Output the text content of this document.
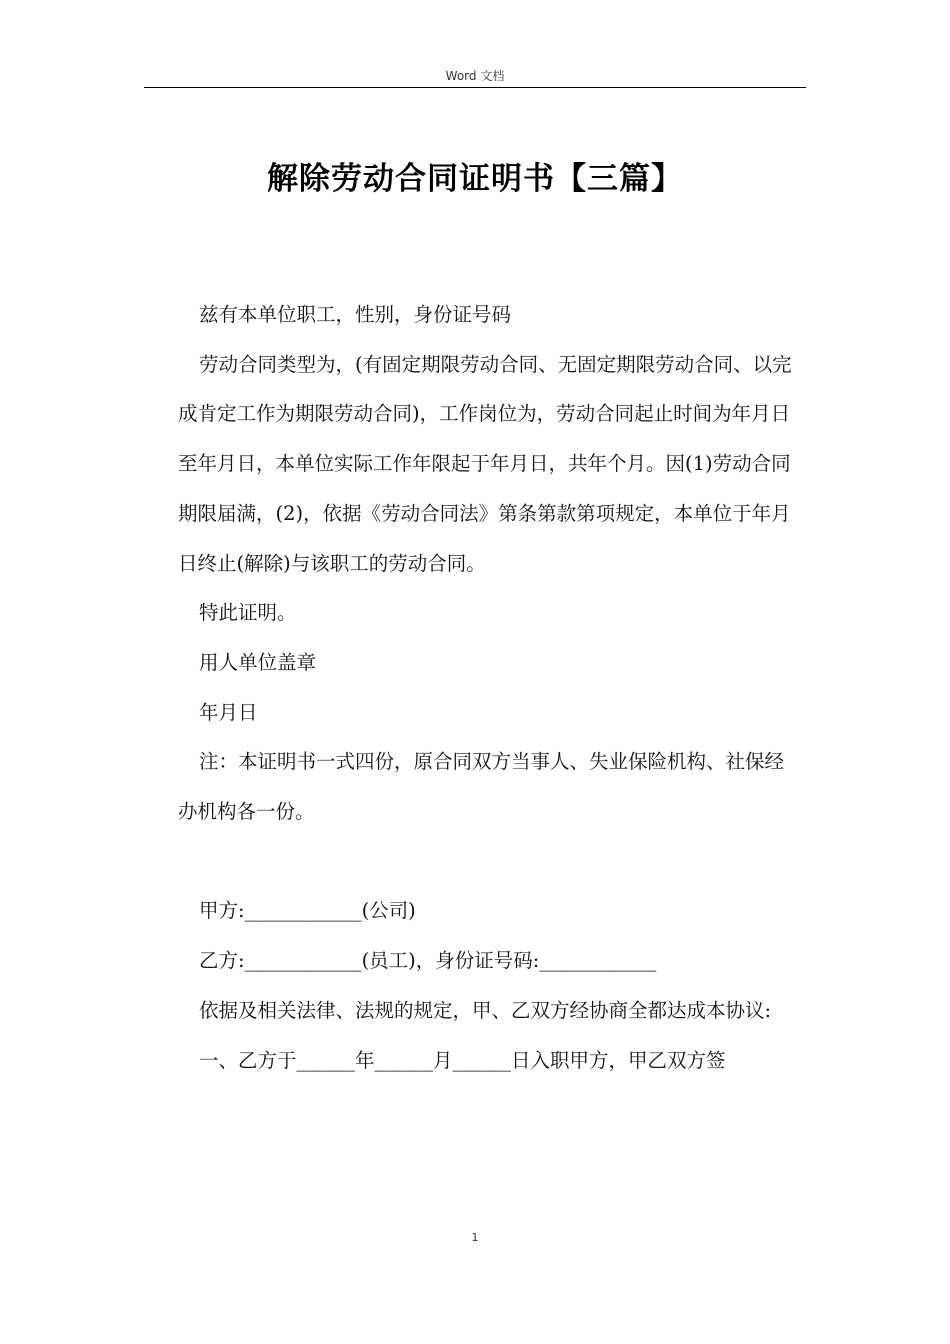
Word 文档
解除劳动合同证明书【三篇】

兹有本单位职工，性别，身份证号码

劳动合同类型为，(有固定期限劳动合同、无固定期限劳动合同、以完成肯定工作为期限劳动合同)，工作岗位为，劳动合同起止时间为年月日至年月日，本单位实际工作年限起于年月日，共年个月。因(1)劳动合同期限届满，(2)，依据《劳动合同法》第条第款第项规定，本单位于年月日终止(解除)与该职工的劳动合同。

特此证明。

用人单位盖章

年月日

注：本证明书一式四份，原合同双方当事人、失业保险机构、社保经办机构各一份。

甲方:____________(公司)

乙方:____________(员工)，身份证号码:____________

依据及相关法律、法规的规定，甲、乙双方经协商全都达成本协议:

一、乙方于______年______月______日入职甲方，甲乙双方签

1
